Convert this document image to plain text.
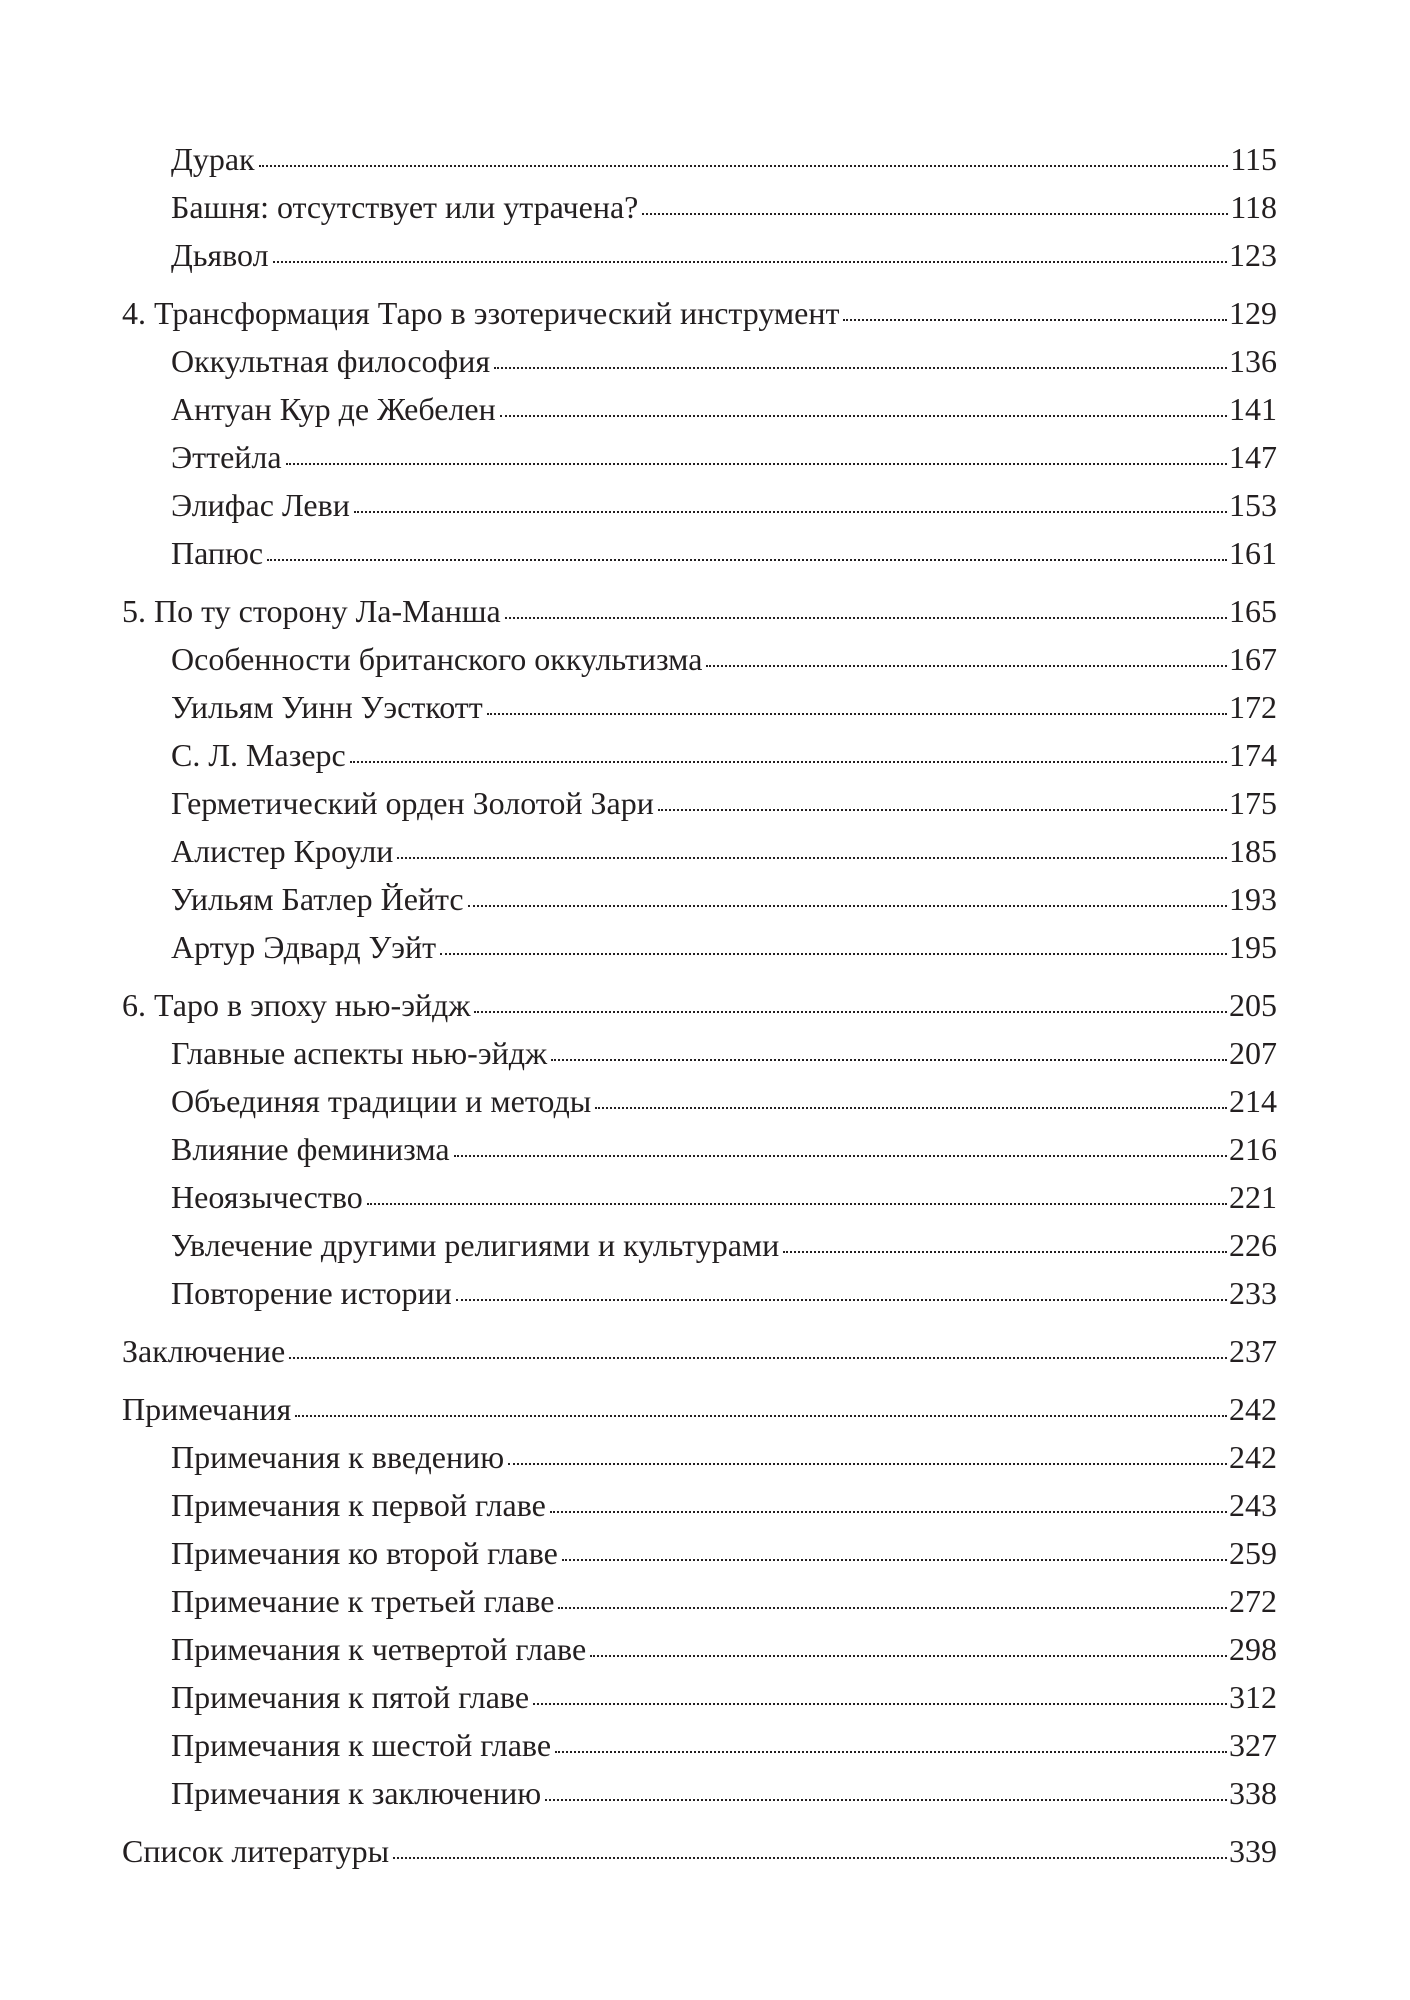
Дурак	115
Башня: отсутствует или утрачена?	118
Дьявол	123
4. Трансформация Таро в эзотерический инструмент	129
Оккультная философия	136
Антуан Кур де Жебелен	141
Эттейла	147
Элифас Леви	153
Папюс	161
5. По ту сторону Ла-Манша	165
Особенности британского оккультизма	167
Уильям Уинн Уэсткотт	172
С. Л. Мазерс	174
Герметический орден Золотой Зари	175
Алистер Кроули	185
Уильям Батлер Йейтс	193
Артур Эдвард Уэйт	195
6. Таро в эпоху нью-эйдж	205
Главные аспекты нью-эйдж	207
Объединяя традиции и методы	214
Влияние феминизма	216
Неоязычество	221
Увлечение другими религиями и культурами	226
Повторение истории	233
Заключение	237
Примечания	242
Примечания к введению	242
Примечания к первой главе	243
Примечания ко второй главе	259
Примечание к третьей главе	272
Примечания к четвертой главе	298
Примечания к пятой главе	312
Примечания к шестой главе	327
Примечания к заключению	338
Список литературы	339
